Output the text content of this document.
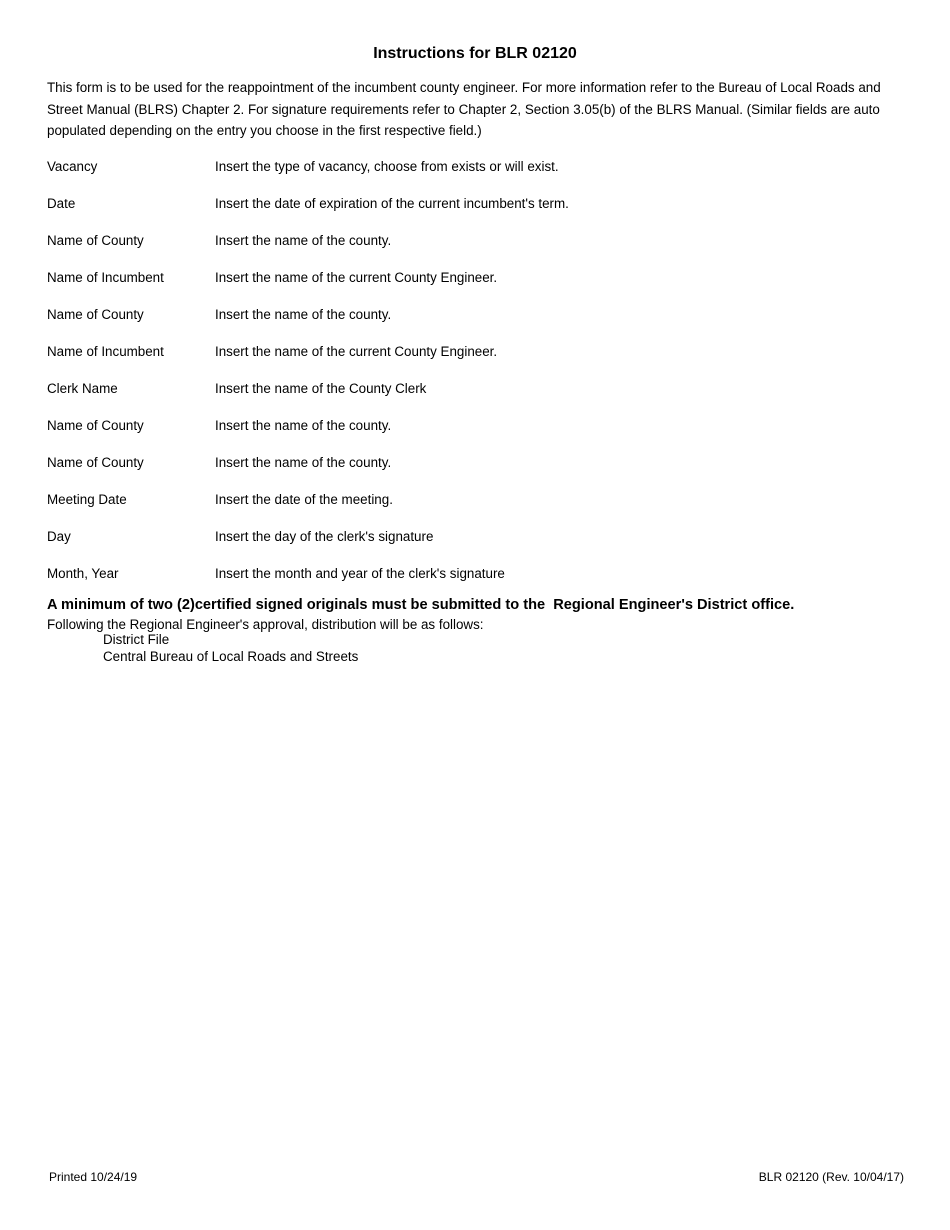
Instructions for BLR 02120
This form is to be used for the reappointment of the incumbent county engineer. For more information refer to the Bureau of Local Roads and Street Manual (BLRS) Chapter 2. For signature requirements refer to Chapter 2, Section 3.05(b) of the BLRS Manual. (Similar fields are auto populated depending on the entry you choose in the first respective field.)
Vacancy	Insert the type of vacancy, choose from exists or will exist.
Date	Insert the date of expiration of the current incumbent's term.
Name of County	Insert the name of the county.
Name of Incumbent	Insert the name of the current County Engineer.
Name of County	Insert the name of the county.
Name of Incumbent	Insert the name of the current County Engineer.
Clerk Name	Insert the name of the County Clerk
Name of County	Insert the name of the county.
Name of County	Insert the name of the county.
Meeting Date	Insert the date of the meeting.
Day	Insert the day of the clerk's signature
Month, Year	Insert the month and year of the clerk's signature
A minimum of two (2)certified signed originals must be submitted to the  Regional Engineer's District office.
Following the Regional Engineer's approval, distribution will be as follows:
District File
Central Bureau of Local Roads and Streets
Printed 10/24/19	BLR 02120 (Rev. 10/04/17)
